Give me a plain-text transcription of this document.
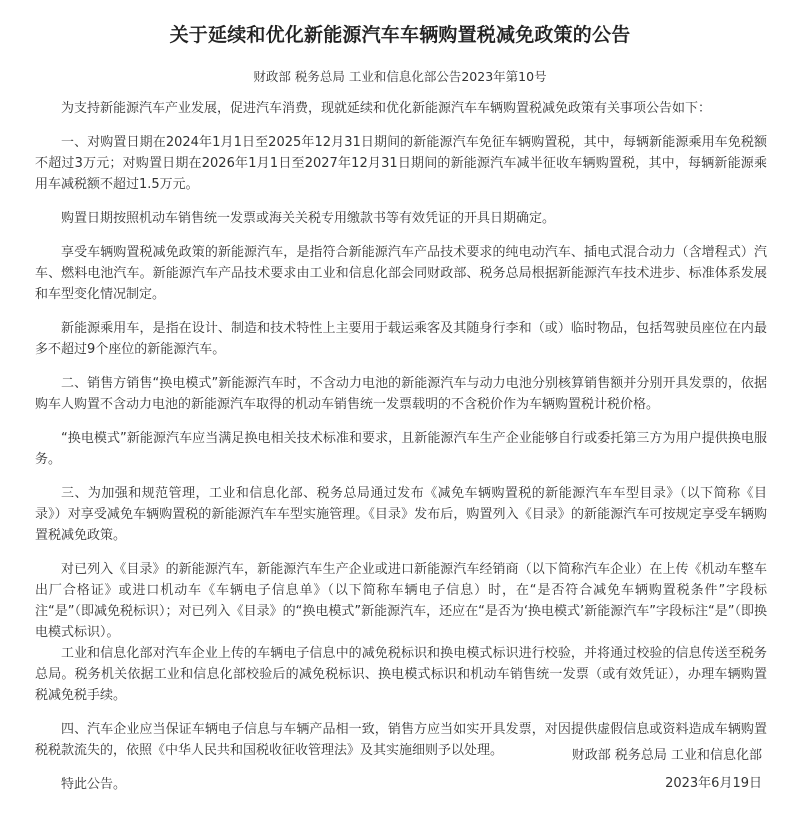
关于延续和优化新能源汽车车辆购置税减免政策的公告
财政部 税务总局 工业和信息化部公告2023年第10号

为支持新能源汽车产业发展，促进汽车消费，现就延续和优化新能源汽车车辆购置税减免政策有关事项公告如下：

一、对购置日期在2024年1月1日至2025年12月31日期间的新能源汽车免征车辆购置税，其中，每辆新能源乘用车免税额不超过3万元；对购置日期在2026年1月1日至2027年12月31日期间的新能源汽车减半征收车辆购置税，其中，每辆新能源乘用车减税额不超过1.5万元。

购置日期按照机动车销售统一发票或海关关税专用缴款书等有效凭证的开具日期确定。

享受车辆购置税减免政策的新能源汽车，是指符合新能源汽车产品技术要求的纯电动汽车、插电式混合动力（含增程式）汽车、燃料电池汽车。新能源汽车产品技术要求由工业和信息化部会同财政部、税务总局根据新能源汽车技术进步、标准体系发展和车型变化情况制定。

新能源乘用车，是指在设计、制造和技术特性上主要用于载运乘客及其随身行李和（或）临时物品，包括驾驶员座位在内最多不超过9个座位的新能源汽车。

二、销售方销售“换电模式”新能源汽车时，不含动力电池的新能源汽车与动力电池分别核算销售额并分别开具发票的，依据购车人购置不含动力电池的新能源汽车取得的机动车销售统一发票载明的不含税价作为车辆购置税计税价格。

“换电模式”新能源汽车应当满足换电相关技术标准和要求，且新能源汽车生产企业能够自行或委托第三方为用户提供换电服务。

三、为加强和规范管理，工业和信息化部、税务总局通过发布《减免车辆购置税的新能源汽车车型目录》（以下简称《目录》）对享受减免车辆购置税的新能源汽车车型实施管理。《目录》发布后，购置列入《目录》的新能源汽车可按规定享受车辆购置税减免政策。

对已列入《目录》的新能源汽车，新能源汽车生产企业或进口新能源汽车经销商（以下简称汽车企业）在上传《机动车整车出厂合格证》或进口机动车《车辆电子信息单》（以下简称车辆电子信息）时，在“是否符合减免车辆购置税条件”字段标注“是”（即减免税标识）；对已列入《目录》的“换电模式”新能源汽车，还应在“是否为‘换电模式’新能源汽车”字段标注“是”（即换电模式标识）。

工业和信息化部对汽车企业上传的车辆电子信息中的减免税标识和换电模式标识进行校验，并将通过校验的信息传送至税务总局。税务机关依据工业和信息化部校验后的减免税标识、换电模式标识和机动车销售统一发票（或有效凭证），办理车辆购置税减免税手续。

四、汽车企业应当保证车辆电子信息与车辆产品相一致，销售方应当如实开具发票，对因提供虚假信息或资料造成车辆购置税税款流失的，依照《中华人民共和国税收征收管理法》及其实施细则予以处理。

特此公告。

财政部 税务总局 工业和信息化部
2023年6月19日
